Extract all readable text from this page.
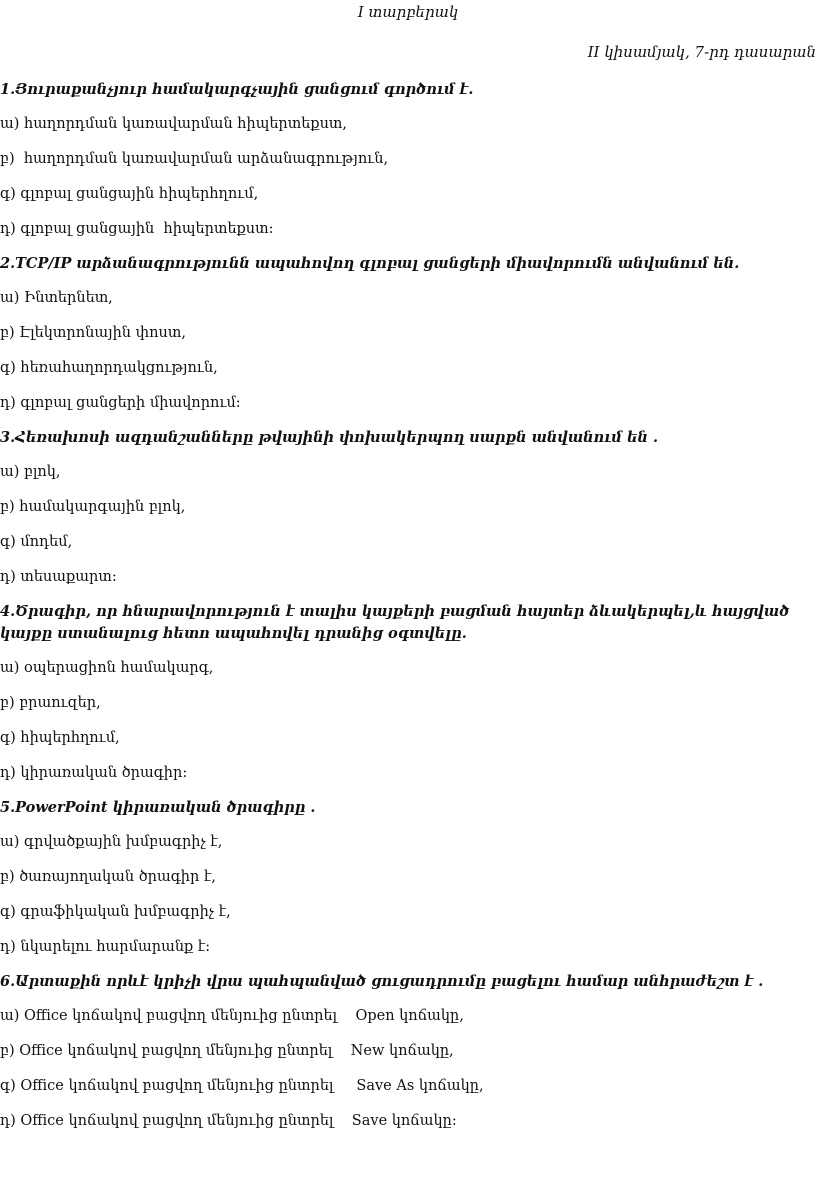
I տարբերակ
II կիսամյակ, 7-րդ դասարան

1.Յուրաքանչյուր համակարգչային ցանցում գործում է.

ա) հաղորդման կառավարման հիպերտեքստ,

բ)  հաղորդման կառավարման արձանագրություն,

գ) գլոբալ ցանցային հիպերհղում,

դ) գլոբալ ցանցային  հիպերտեքստ:

2.TCP/IP արձանագրությունն ապահովող գլոբալ ցանցերի միավորումն անվանում են.

ա) Ինտերնետ,

բ) Էլեկտրոնային փոստ,

գ) հեռահաղորդակցություն,

դ) գլոբալ ցանցերի միավորում:

3.Հեռախոսի ազդանշանները թվայինի փոխակերպող սարքն անվանում են .

ա) բլոկ,

բ) համակարգային բլոկ,

գ) մոդեմ,

դ) տեսաքարտ:

4.Ծրագիր, որ հնարավորություն է տալիս կայքերի բացման հայտեր ձևակերպել,և հայցված կայքը ստանալուց հետո ապահովել դրանից օգտվելը.

ա) օպերացիոն համակարգ,

բ) բրաուզեր,

գ) հիպերհղում,

դ) կիրառական ծրագիր:

5.PowerPoint կիրառական ծրագիրը .

ա) գրվածքային խմբագրիչ է,

բ) ծառայողական ծրագիր է,

գ) գրաֆիկական խմբագրիչ է,

դ) նկարելու հարմարանք է:

6.Արտաքին որևէ կրիչի վրա պահպանված ցուցադրումը բացելու համար անհրաժեշտ է .

ա) Office կոճակով բացվող մենյուից ընտրել    Open կոճակը,

բ) Office կոճակով բացվող մենյուից ընտրել    New կոճակը,

գ) Office կոճակով բացվող մենյուից ընտրել     Save As կոճակը,

դ) Office կոճակով բացվող մենյուից ընտրել    Save կոճակը:
